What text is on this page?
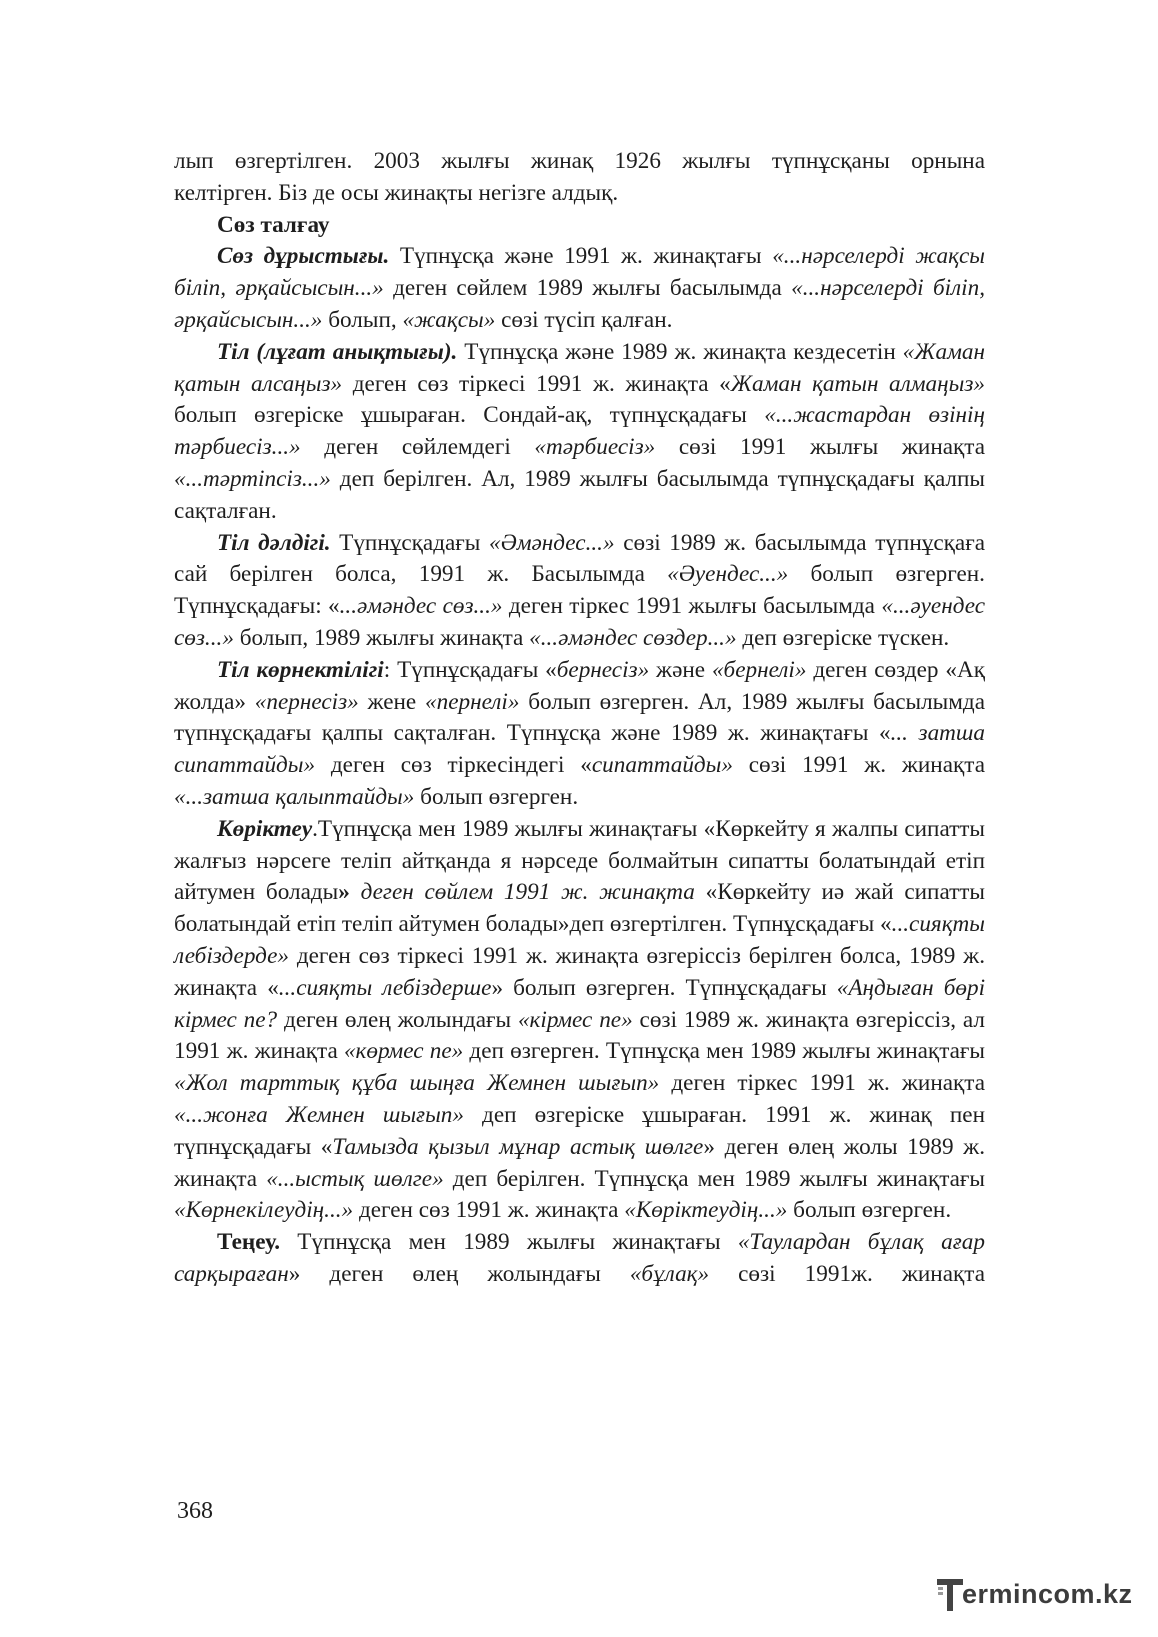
лып өзгертілген. 2003 жылғы жинақ 1926 жылғы түпнұсқаны орнына

келтірген. Біз де осы жинақты негізге алдық.

Сөз талғау

Сөз дұрыстығы. Түпнұсқа және 1991 ж. жинақтағы «...нәрселерді жақсы біліп, әрқайсысын...» деген сөйлем 1989 жылғы басылымда «...нәрселерді біліп, әрқайсысын...» болып, «жақсы» сөзі түсіп қалған.

Тіл (лұғат анықтығы). Түпнұсқа және 1989 ж. жинақта кездесетін «Жаман қатын алсаңыз» деген сөз тіркесі 1991 ж. жинақта «Жаман қатын алмаңыз» болып өзгеріске ұшыраған. Сондай-ақ, түпнұсқадағы «...жастардан өзінің тәрбиесіз...» деген сөйлемдегі «тәрбиесіз» сөзі 1991 жылғы жинақта «...тәртіпсіз...» деп берілген. Ал, 1989 жылғы басылымда түпнұсқадағы қалпы сақталған.

Тіл дәлдігі. Түпнұсқадағы «Әмәндес...» сөзі 1989 ж. басылымда түпнұсқаға сай берілген болса, 1991 ж. Басылымда «Әуендес...» болып өзгерген. Түпнұсқадағы: «...әмәндес сөз...» деген тіркес 1991 жылғы басылымда «...әуендес сөз...» болып, 1989 жылғы жинақта «...әмәндес сөздер...» деп өзгеріске түскен.

Тіл көрнектілігі: Түпнұсқадағы «бернесіз» және «бернелі» деген сөздер «Ақ жолда» «пернесіз» жене «пернелі» болып өзгерген. Ал, 1989 жылғы басылымда түпнұсқадағы қалпы сақталған. Түпнұсқа және 1989 ж. жинақтағы «... затша сипаттайды» деген сөз тіркесіндегі «сипаттайды» сөзі 1991 ж. жинақта «...затша қалыптайды» болып өзгерген.

Көріктеу.Түпнұсқа мен 1989 жылғы жинақтағы «Көркейту я жалпы сипатты жалғыз нәрсеге теліп айтқанда я нәрседе болмайтын сипатты болатындай етіп айтумен болады» деген сөйлем 1991 ж. жинақта «Көркейту иә жай сипатты болатындай етіп теліп айтумен болады»деп өзгертілген. Түпнұсқадағы «...сияқты лебіздерде» деген сөз тіркесі 1991 ж. жинақта өзгеріссіз берілген болса, 1989 ж. жинақта «...сияқты лебіздерше» болып өзгерген. Түпнұсқадағы «Аңдыған бөрі кірмес пе? деген өлең жолындағы «кірмес пе» сөзі 1989 ж. жинақта өзгеріссіз, ал 1991 ж. жинақта «көрмес пе» деп өзгерген. Түпнұсқа мен 1989 жылғы жинақтағы «Жол тарттық құба шыңға Жемнен шығып» деген тіркес 1991 ж. жинақта «...жонға Жемнен шығып» деп өзгеріске ұшыраған. 1991 ж. жинақ пен түпнұсқадағы «Тамызда қызыл мұнар астық шөлге» деген өлең жолы 1989 ж. жинақта «...ыстық шөлге» деп берілген. Түпнұсқа мен 1989 жылғы жинақтағы «Көрнекілеудің...» деген сөз 1991 ж. жинақта «Көріктеудің...» болып өзгерген.

Теңеу. Түпнұсқа мен 1989 жылғы жинақтағы «Таулардан бұлақ ағар сарқыраған» деген өлең жолындағы «бұлақ» сөзі 1991ж. жинақта

368
ermincom.kz
